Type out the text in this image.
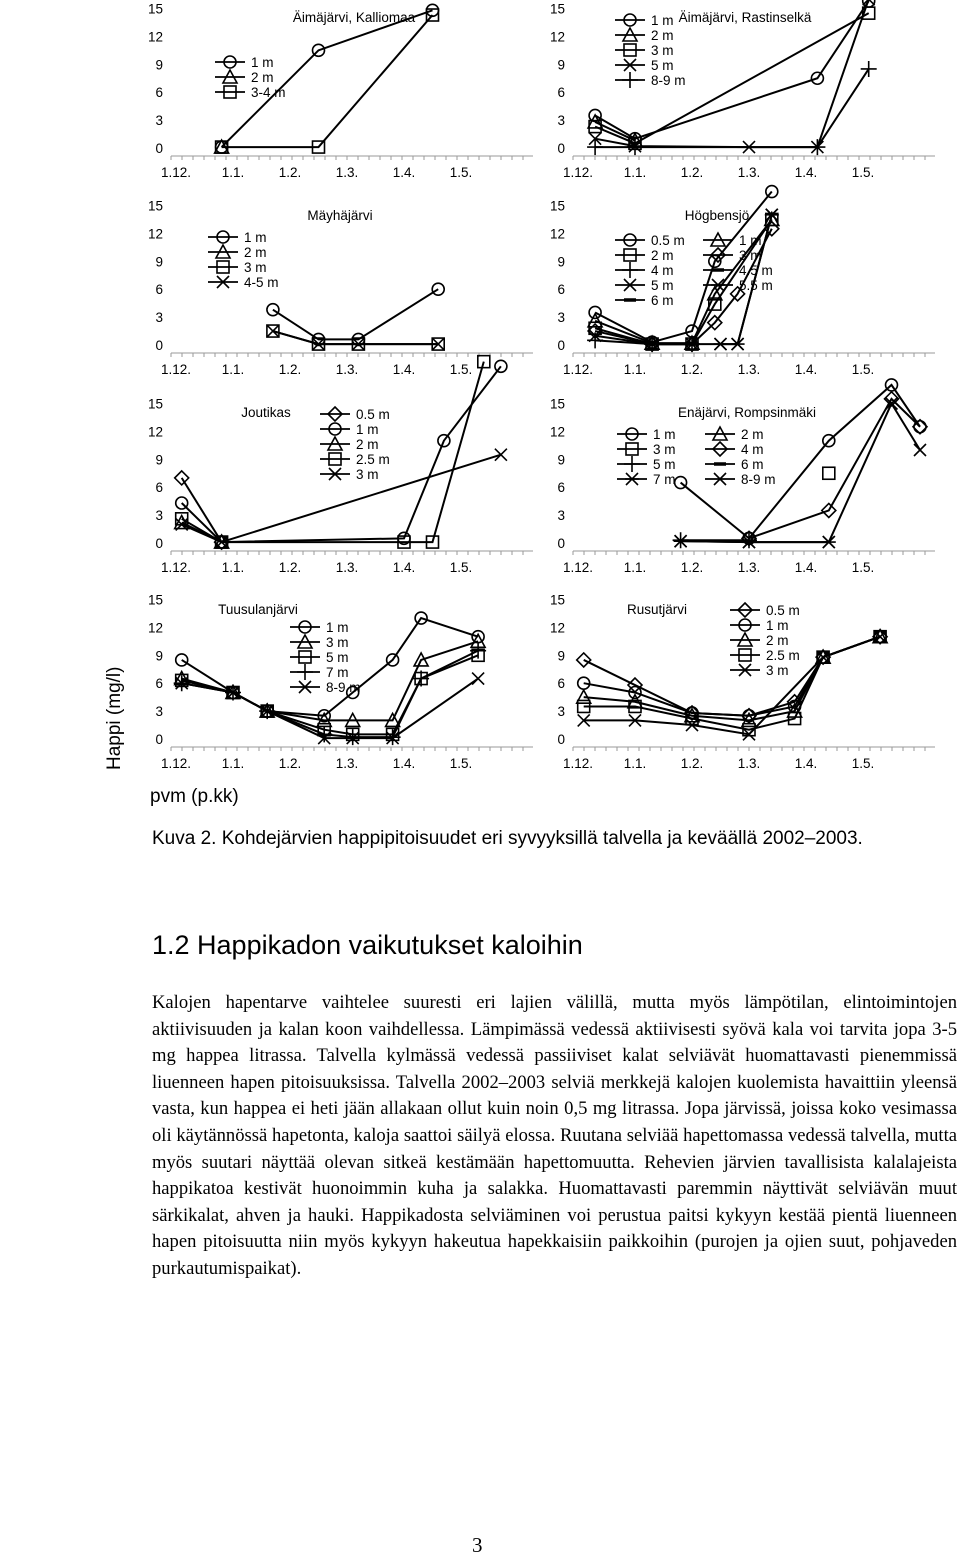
0
3
6
9
12
15
1.12. 1.1.	1.2.	1.3.	1.4.	1.5.
Äimäjärvi, Kalliomaa
1 m
2 m
3-4 m
0
3
6
9
12
15
1.12. 1.1.	1.2.	1.3.	1.4.	1.5.
Äimäjärvi, Rastinselkä
1 m
2 m
3 m
5 m
8-9 m
0
3
6
9
12
15
1.12. 1.1.	1.2.	1.3.	1.4.	1.5.
Mäyhäjärvi
1 m
2 m
3 m
4-5 m
0
3
6
9
12
15
1.12. 1.1.	1.2.	1.3.	1.4.	1.5.
Högbensjö
0.5 m	1 m
2 m	3 m
4 m	4.5 m
5 m	5.5 m
6 m
0
3
6
9
12
15
1.12. 1.1.	1.2.	1.3.	1.4.	1.5.
Joutikas	0.5 m
1 m
2 m
2.5 m
3 m
0
3
6
9
12
15
1.12. 1.1.	1.2.	1.3.	1.4.	1.5.
Enäjärvi, Rompsinmäki
1 m	2 m
3 m	4 m
5 m	6 m
7 m	8-9 m
0
3
6
9
12
15
1.12. 1.1.	1.2.	1.3.	1.4.	1.5.
Tuusulanjärvi
1 m
3 m
5 m
7 m
8-9 m
0
3
6
9
12
15
1.12. 1.1.	1.2.	1.3.	1.4.	1.5.
Rusutjärvi	0.5 m
1 m
2 m
2.5 m
3 m
Happi (mg/l)
pvm (p.kk)
Kuva 2. Kohdejärvien happipitoisuudet eri syvyyksillä talvella ja keväällä 2002–2003.
1.2 Happikadon vaikutukset kaloihin
Kalojen hapentarve vaihtelee suuresti eri lajien välillä, mutta myös lämpötilan, elintoimintojen aktiivisuuden ja kalan koon vaihdellessa. Lämpimässä vedessä aktiivisesti syövä kala voi tarvita jopa 3-5 mg happea litrassa. Talvella kylmässä vedessä passiiviset kalat selviävät huomattavasti pienemmissä liuenneen hapen pitoisuuksissa. Talvella 2002–2003 selviä merkkejä kalojen kuolemista havaittiin yleensä vasta, kun happea ei heti jään allakaan ollut kuin noin 0,5 mg litrassa. Jopa järvissä, joissa koko vesimassa oli käytännössä hapetonta, kaloja saattoi säilyä elossa. Ruutana selviää hapettomassa vedessä talvella, mutta myös suutari näyttää olevan sitkeä kestämään hapettomuutta. Rehevien järvien tavallisista kalalajeista happikatoa kestivät huonoimmin kuha ja salakka. Huomattavasti paremmin näyttivät selviävän muut särkikalat, ahven ja hauki. Happikadosta selviäminen voi perustua paitsi kykyyn kestää pientä liuenneen hapen pitoisuutta niin myös kykyyn hakeutua hapekkaisiin paikkoihin (purojen ja ojien suut, pohjaveden purkautumispaikat).
3
